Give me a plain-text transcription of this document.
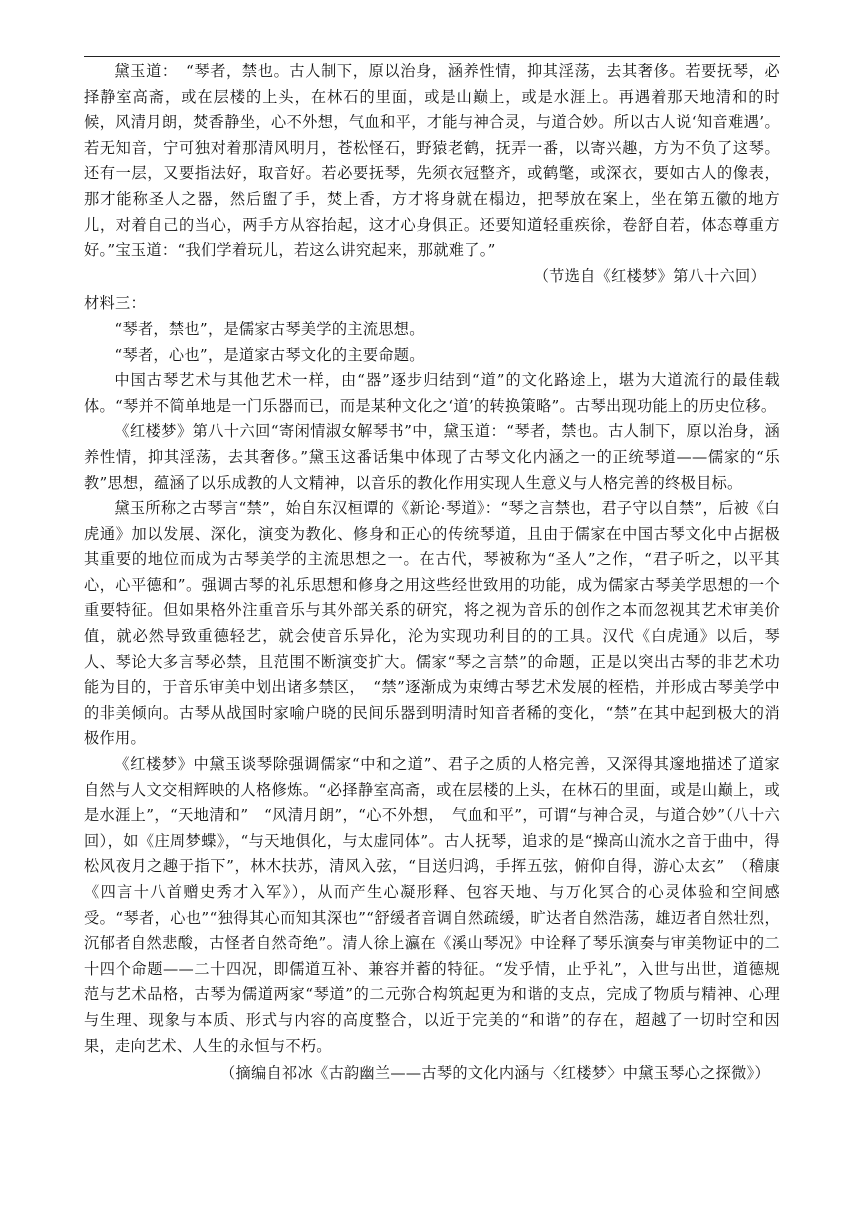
黛玉道：　“琴者，禁也。古人制下，原以治身，涵养性情，抑其淫荡，去其奢侈。若要抚琴，必择静室高斋，或在层楼的上头，在林石的里面，或是山巅上，或是水涯上。再遇着那天地清和的时候，风清月朗，焚香静坐，心不外想，气血和平，才能与神合灵，与道合妙。所以古人说‘知音难遇’。若无知音，宁可独对着那清风明月，苍松怪石，野猿老鹤，抚弄一番，以寄兴趣，方为不负了这琴。还有一层，又要指法好，取音好。若必要抚琴，先须衣冠整齐，或鹤氅，或深衣，要如古人的像表，那才能称圣人之器，然后盥了手，焚上香，方才将身就在榻边，把琴放在案上，坐在第五徽的地方儿，对着自己的当心，两手方从容抬起，这才心身俱正。还要知道轻重疾徐，卷舒自若，体态尊重方好。”宝玉道：“我们学着玩儿，若这么讲究起来，那就难了。”

（节选自《红楼梦》第八十六回）

材料三：

“琴者，禁也”，是儒家古琴美学的主流思想。

“琴者，心也”，是道家古琴文化的主要命题。

中国古琴艺术与其他艺术一样，由“器”逐步归结到“道”的文化路途上，堪为大道流行的最佳载体。“琴并不简单地是一门乐器而已，而是某种文化之‘道’的转换策略”。古琴出现功能上的历史位移。

《红楼梦》第八十六回“寄闲情淑女解琴书”中，黛玉道：“琴者，禁也。古人制下，原以治身，涵养性情，抑其淫荡，去其奢侈。”黛玉这番话集中体现了古琴文化内涵之一的正统琴道——儒家的“乐教”思想，蕴涵了以乐成教的人文精神，以音乐的教化作用实现人生意义与人格完善的终极目标。

黛玉所称之古琴言“禁”，始自东汉桓谭的《新论·琴道》：“琴之言禁也，君子守以自禁”，后被《白虎通》加以发展、深化，演变为教化、修身和正心的传统琴道，且由于儒家在中国古琴文化中占据极其重要的地位而成为古琴美学的主流思想之一。在古代，琴被称为“圣人”之作，“君子听之，以平其心，心平德和”。强调古琴的礼乐思想和修身之用这些经世致用的功能，成为儒家古琴美学思想的一个重要特征。但如果格外注重音乐与其外部关系的研究，将之视为音乐的创作之本而忽视其艺术审美价值，就必然导致重德轻艺，就会使音乐异化，沦为实现功利目的的工具。汉代《白虎通》以后，琴人、琴论大多言琴必禁，且范围不断演变扩大。儒家“琴之言禁”的命题，正是以突出古琴的非艺术功能为目的，于音乐审美中划出诸多禁区，　“禁”逐渐成为束缚古琴艺术发展的桎梏，并形成古琴美学中的非美倾向。古琴从战国时家喻户晓的民间乐器到明清时知音者稀的变化，“禁”在其中起到极大的消极作用。

《红楼梦》中黛玉谈琴除强调儒家“中和之道”、君子之质的人格完善，又深得其邃地描述了道家自然与人文交相辉映的人格修炼。“必择静室高斋，或在层楼的上头，在林石的里面，或是山巅上，或是水涯上”，“天地清和”　“风清月朗”，“心不外想，　气血和平”，可谓“与神合灵，与道合妙”（八十六回），如《庄周梦蝶》，“与天地俱化，与太虚同体”。古人抚琴，追求的是“操高山流水之音于曲中，得松风夜月之趣于指下”，林木扶苏，清风入弦，“目送归鸿，手挥五弦，俯仰自得，游心太玄”　（稽康《四言十八首赠史秀才入军》），从而产生心凝形释、包容天地、与万化冥合的心灵体验和空间感受。“琴者，心也”“独得其心而知其深也”“舒缓者音调自然疏缓，旷达者自然浩荡，雄迈者自然壮烈，沉郁者自然悲酸，古怪者自然奇绝”。清人徐上瀛在《溪山琴况》中诠释了琴乐演奏与审美物证中的二十四个命题——二十四况，即儒道互补、兼容并蓄的特征。“发乎情，止乎礼”，入世与出世，道德规范与艺术品格，古琴为儒道两家“琴道”的二元弥合构筑起更为和谐的支点，完成了物质与精神、心理与生理、现象与本质、形式与内容的高度整合，以近于完美的“和谐”的存在，超越了一切时空和因果，走向艺术、人生的永恒与不朽。

（摘编自祁冰《古韵幽兰——古琴的文化内涵与〈红楼梦〉中黛玉琴心之探微》）
